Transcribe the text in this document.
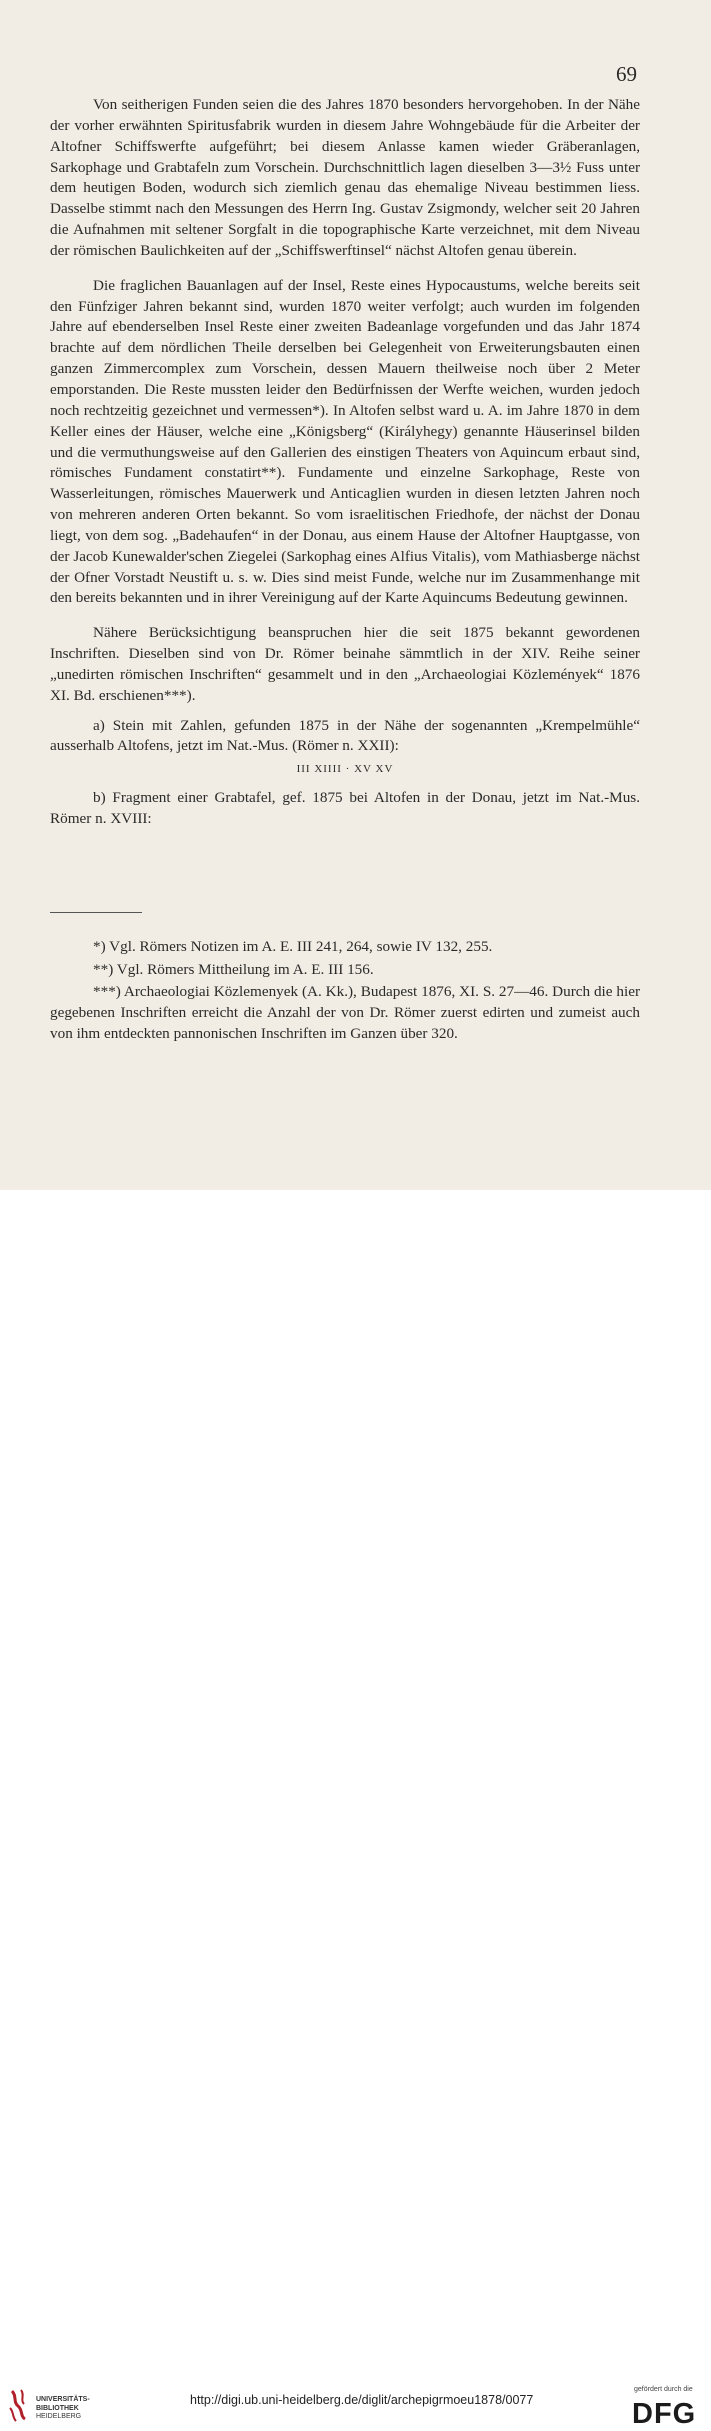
69

Von seitherigen Funden seien die des Jahres 1870 besonders hervorgehoben. In der Nähe der vorher erwähnten Spiritusfabrik wurden in diesem Jahre Wohngebäude für die Arbeiter der Altofner Schiffswerfte aufgeführt; bei diesem Anlasse kamen wieder Gräberanlagen, Sarkophage und Grabtafeln zum Vorschein. Durchschnittlich lagen dieselben 3—3½ Fuss unter dem heutigen Boden, wodurch sich ziemlich genau das ehemalige Niveau bestimmen liess. Dasselbe stimmt nach den Messungen des Herrn Ing. Gustav Zsigmondy, welcher seit 20 Jahren die Aufnahmen mit seltener Sorgfalt in die topographische Karte verzeichnet, mit dem Niveau der römischen Baulichkeiten auf der „Schiffswerftinsel“ nächst Altofen genau überein.

Die fraglichen Bauanlagen auf der Insel, Reste eines Hypocaustums, welche bereits seit den Fünfziger Jahren bekannt sind, wurden 1870 weiter verfolgt; auch wurden im folgenden Jahre auf ebenderselben Insel Reste einer zweiten Badeanlage vorgefunden und das Jahr 1874 brachte auf dem nördlichen Theile derselben bei Gelegenheit von Erweiterungsbauten einen ganzen Zimmercomplex zum Vorschein, dessen Mauern theilweise noch über 2 Meter emporstanden. Die Reste mussten leider den Bedürfnissen der Werfte weichen, wurden jedoch noch rechtzeitig gezeichnet und vermessen*). In Altofen selbst ward u. A. im Jahre 1870 in dem Keller eines der Häuser, welche eine „Königsberg“ (Királyhegy) genannte Häuserinsel bilden und die vermuthungsweise auf den Gallerien des einstigen Theaters von Aquincum erbaut sind, römisches Fundament constatirt**). Fundamente und einzelne Sarkophage, Reste von Wasserleitungen, römisches Mauerwerk und Anticaglien wurden in diesen letzten Jahren noch von mehreren anderen Orten bekannt. So vom israelitischen Friedhofe, der nächst der Donau liegt, von dem sog. „Badehaufen“ in der Donau, aus einem Hause der Altofner Hauptgasse, von der Jacob Kunewalder'schen Ziegelei (Sarkophag eines Alfius Vitalis), vom Mathiasberge nächst der Ofner Vorstadt Neustift u. s. w. Dies sind meist Funde, welche nur im Zusammenhange mit den bereits bekannten und in ihrer Vereinigung auf der Karte Aquincums Bedeutung gewinnen.

Nähere Berücksichtigung beanspruchen hier die seit 1875 bekannt gewordenen Inschriften. Dieselben sind von Dr. Römer beinahe sämmtlich in der XIV. Reihe seiner „unedirten römischen Inschriften“ gesammelt und in den „Archaeologiai Közlemények“ 1876 XI. Bd. erschienen***).

a) Stein mit Zahlen, gefunden 1875 in der Nähe der sogenannten „Krempelmühle“ ausserhalb Altofens, jetzt im Nat.-Mus. (Römer n. XXII):

III XIIII · XV XV

b) Fragment einer Grabtafel, gef. 1875 bei Altofen in der Donau, jetzt im Nat.-Mus. Römer n. XVIII:

*) Vgl. Römers Notizen im A. E. III 241, 264, sowie IV 132, 255.

**) Vgl. Römers Mittheilung im A. E. III 156.

***) Archaeologiai Közlemenyek (A. Kk.), Budapest 1876, XI. S. 27—46. Durch die hier gegebenen Inschriften erreicht die Anzahl der von Dr. Römer zuerst edirten und zumeist auch von ihm entdeckten pannonischen Inschriften im Ganzen über 320.

UNIVERSITÄTS-
BIBLIOTHEK
HEIDELBERG
http://digi.ub.uni-heidelberg.de/diglit/archepigrmoeu1878/0077
gefördert durch die
DFG
